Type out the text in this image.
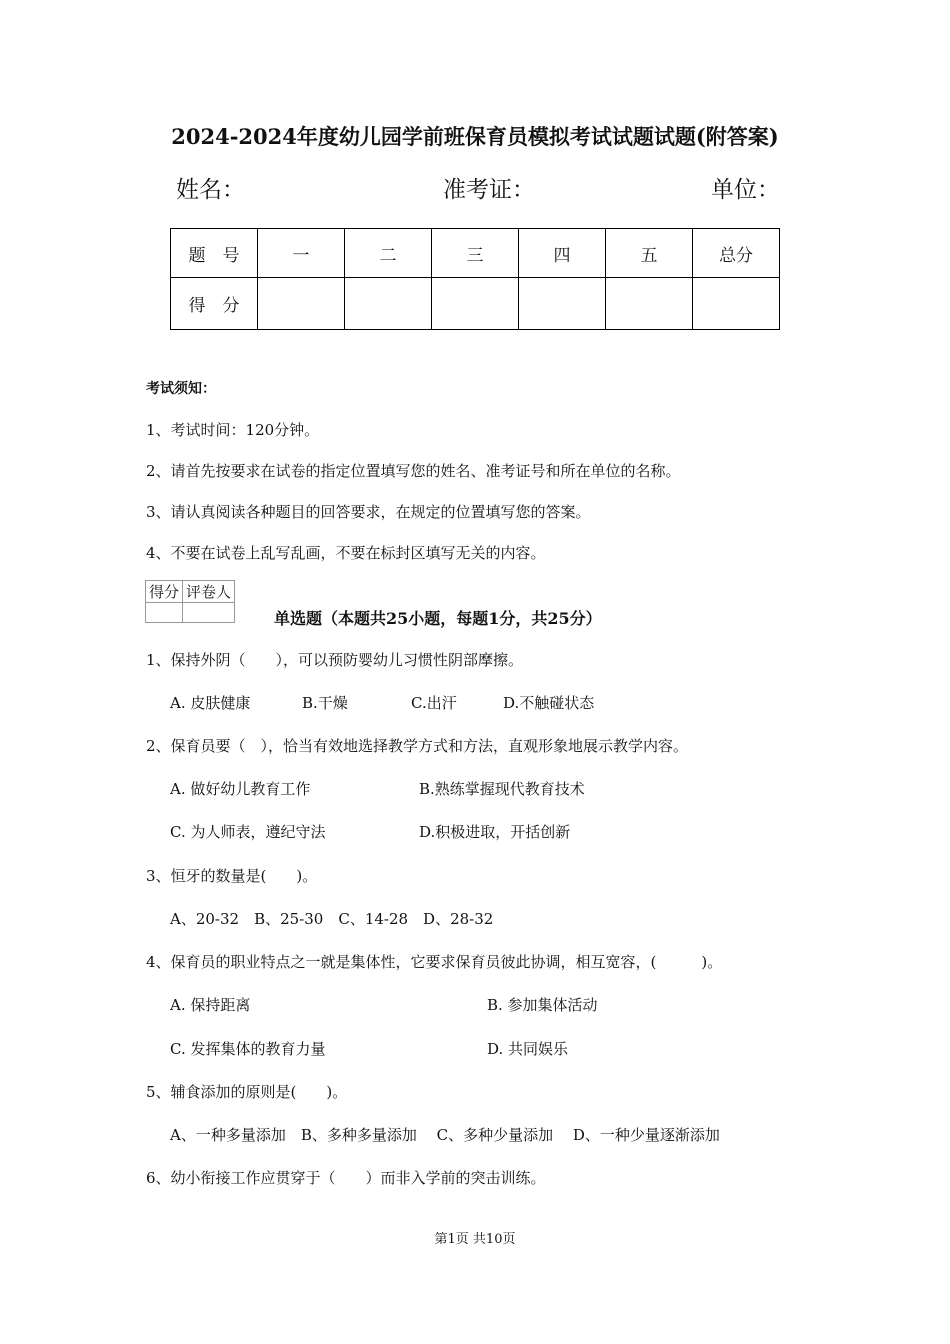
2024-2024年度幼儿园学前班保育员模拟考试试题试题(附答案)
姓名：	准考证：	单位：
题　号	一	二	三	四	五	总分
得　分						
考试须知：
1、考试时间：120分钟。
2、请首先按要求在试卷的指定位置填写您的姓名、准考证号和所在单位的名称。
3、请认真阅读各种题目的回答要求，在规定的位置填写您的答案。
4、不要在试卷上乱写乱画，不要在标封区填写无关的内容。
得分	评卷人

单选题（本题共25小题，每题1分，共25分）
1、保持外阴（　　），可以预防婴幼儿习惯性阴部摩擦。
A. 皮肤健康	B.干燥	C.出汗	D.不触碰状态
2、保育员要（　），恰当有效地选择教学方式和方法，直观形象地展示教学内容。
A. 做好幼儿教育工作	B.熟练掌握现代教育技术
C. 为人师表，遵纪守法	D.积极进取，开括创新
3、恒牙的数量是(　　)。
A、20-32　B、25-30　C、14-28　D、28-32
4、保育员的职业特点之一就是集体性，它要求保育员彼此协调，相互宽容，(　　　)。
A. 保持距离	B. 参加集体活动
C. 发挥集体的教育力量	D. 共同娱乐
5、辅食添加的原则是(　　)。
A、一种多量添加　B、多种多量添加　 C、多种少量添加　 D、一种少量逐渐添加
6、幼小衔接工作应贯穿于（　　）而非入学前的突击训练。
第1页 共10页
